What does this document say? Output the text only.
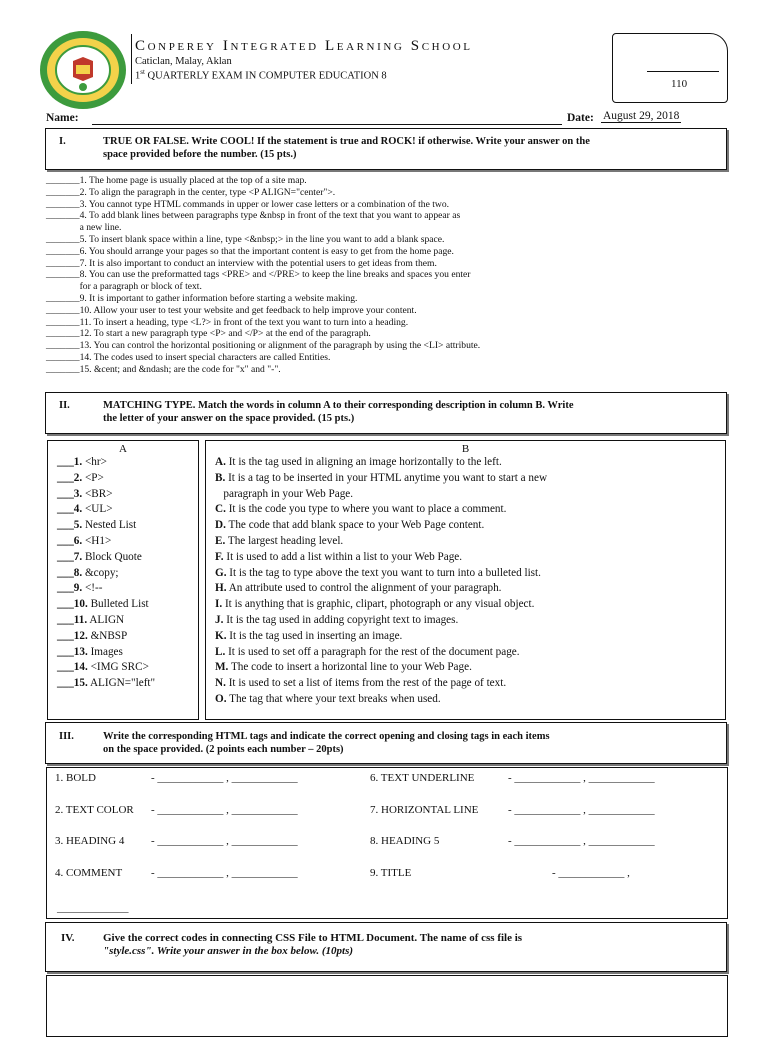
Conperey Integrated Learning School
Caticlan, Malay, Aklan
1st QUARTERLY EXAM IN COMPUTER EDUCATION 8
110
Name:	Date: August 29, 2018
I.	TRUE OR FALSE. Write COOL! If the statement is true and ROCK! if otherwise. Write your answer on the
space provided before the number. (15 pts.)
_______1. The home page is usually placed at the top of a site map.
_______2. To align the paragraph in the center, type <P ALIGN="center">.
_______3. You cannot type HTML commands in upper or lower case letters or a combination of the two.
_______4. To add blank lines between paragraphs type &nbsp in front of the text that you want to appear as
a new line.
_______5. To insert blank space within a line, type <&nbsp;> in the line you want to add a blank space.
_______6. You should arrange your pages so that the important content is easy to get from the home page.
_______7. It is also important to conduct an interview with the potential users to get ideas from them.
_______8. You can use the preformatted tags <PRE> and </PRE> to keep the line breaks and spaces you enter
for a paragraph or block of text.
_______9. It is important to gather information before starting a website making.
_______10. Allow your user to test your website and get feedback to help improve your content.
_______11. To insert a heading, type <L?> in front of the text you want to turn into a heading.
_______12. To start a new paragraph type <P> and </P> at the end of the paragraph.
_______13. You can control the horizontal positioning or alignment of the paragraph by using the <LI> attribute.
_______14. The codes used to insert special characters are called Entities.
_______15. &cent; and &ndash; are the code for "x" and "-".
II.	MATCHING TYPE. Match the words in column A to their corresponding description in column B. Write
the letter of your answer on the space provided. (15 pts.)
A
___1. <hr>
___2. <P>
___3. <BR>
___4. <UL>
___5. Nested List
___6. <H1>
___7. Block Quote
___8. &copy;
___9. <!--
___10. Bulleted List
___11. ALIGN
___12. &NBSP
___13. Images
___14. <IMG SRC>
___15. ALIGN="left"
B
A. It is the tag used in aligning an image horizontally to the left.
B. It is a tag to be inserted in your HTML anytime you want to start a new
paragraph in your Web Page.
C. It is the code you type to where you want to place a comment.
D. The code that add blank space to your Web Page content.
E. The largest heading level.
F. It is used to add a list within a list to your Web Page.
G. It is the tag to type above the text you want to turn into a bulleted list.
H. An attribute used to control the alignment of your paragraph.
I. It is anything that is graphic, clipart, photograph or any visual object.
J. It is the tag used in adding copyright text to images.
K. It is the tag used in inserting an image.
L. It is used to set off a paragraph for the rest of the document page.
M. The code to insert a horizontal line to your Web Page.
N. It is used to set a list of items from the rest of the page of text.
O. The tag that where your text breaks when used.
III.	Write the corresponding HTML tags and indicate the correct opening and closing tags in each items
on the space provided. (2 points each number – 20pts)
1. BOLD	- ____________ , ____________
2. TEXT COLOR - ____________ , ____________
3. HEADING 4 - ____________ , ____________
4. COMMENT	- ____________ , ____________
6. TEXT UNDERLINE	- ____________ , ____________
7. HORIZONTAL LINE	- ____________ , ____________
8. HEADING 5	- ____________ , ____________
9. TITLE	- ____________ ,
_____________
IV.	Give the correct codes in connecting CSS File to HTML Document. The name of css file is
"style.css". Write your answer in the box below. (10pts)
